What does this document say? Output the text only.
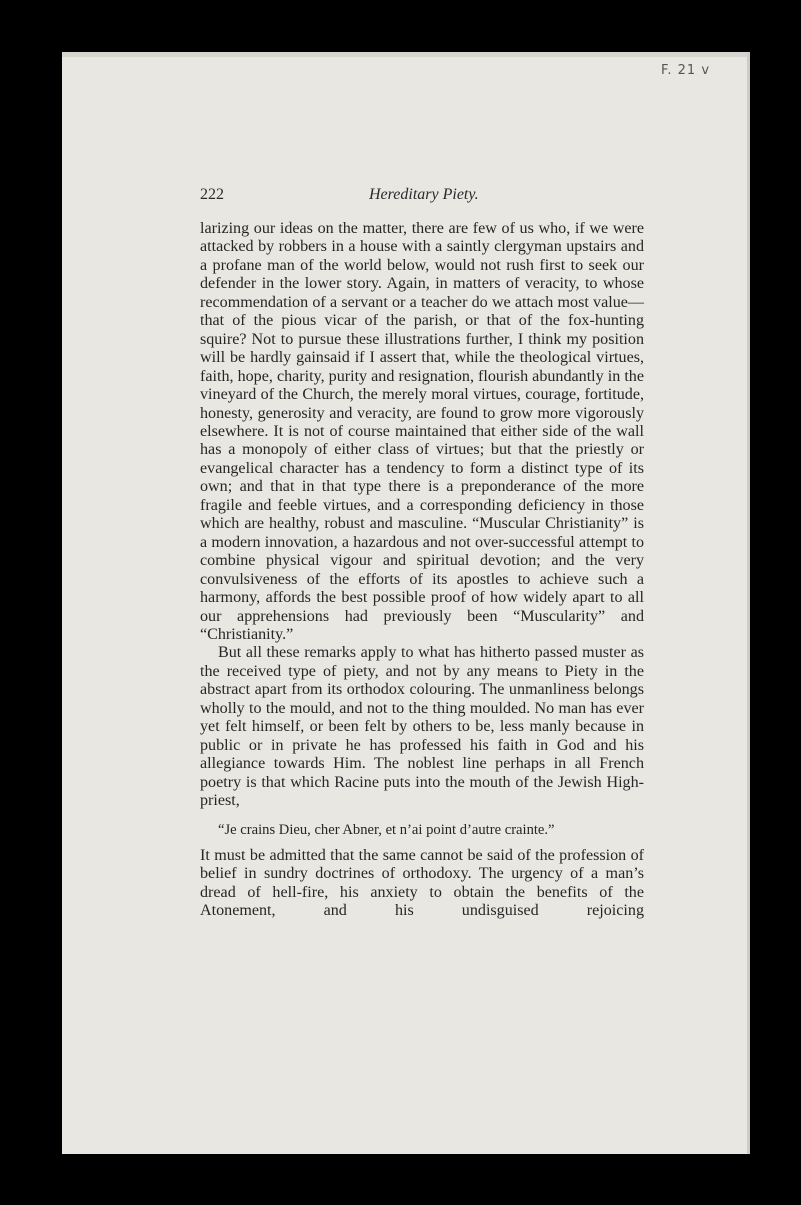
F. 21 v
222	Hereditary Piety.

larizing our ideas on the matter, there are few of us who, if we were attacked by robbers in a house with a saintly clergyman upstairs and a profane man of the world below, would not rush first to seek our defender in the lower story. Again, in matters of veracity, to whose recommendation of a servant or a teacher do we attach most value—that of the pious vicar of the parish, or that of the fox-hunting squire? Not to pursue these illustrations further, I think my position will be hardly gainsaid if I assert that, while the theological virtues, faith, hope, charity, purity and resignation, flourish abundantly in the vineyard of the Church, the merely moral virtues, courage, fortitude, honesty, generosity and veracity, are found to grow more vigorously elsewhere. It is not of course maintained that either side of the wall has a monopoly of either class of virtues; but that the priestly or evangelical character has a tendency to form a distinct type of its own; and that in that type there is a preponderance of the more fragile and feeble virtues, and a corresponding deficiency in those which are healthy, robust and masculine. “Muscular Christianity” is a modern innovation, a hazardous and not over-successful attempt to combine physical vigour and spiritual devotion; and the very convulsiveness of the efforts of its apostles to achieve such a harmony, affords the best possible proof of how widely apart to all our apprehensions had previously been “Muscularity” and “Christianity.”

But all these remarks apply to what has hitherto passed muster as the received type of piety, and not by any means to Piety in the abstract apart from its orthodox colouring. The unmanliness belongs wholly to the mould, and not to the thing moulded. No man has ever yet felt himself, or been felt by others to be, less manly because in public or in private he has professed his faith in God and his allegiance towards Him. The noblest line perhaps in all French poetry is that which Racine puts into the mouth of the Jewish High-priest,

“Je crains Dieu, cher Abner, et n’ai point d’autre crainte.”

It must be admitted that the same cannot be said of the profession of belief in sundry doctrines of orthodoxy. The urgency of a man’s dread of hell-fire, his anxiety to obtain the benefits of the Atonement, and his undisguised rejoicing
